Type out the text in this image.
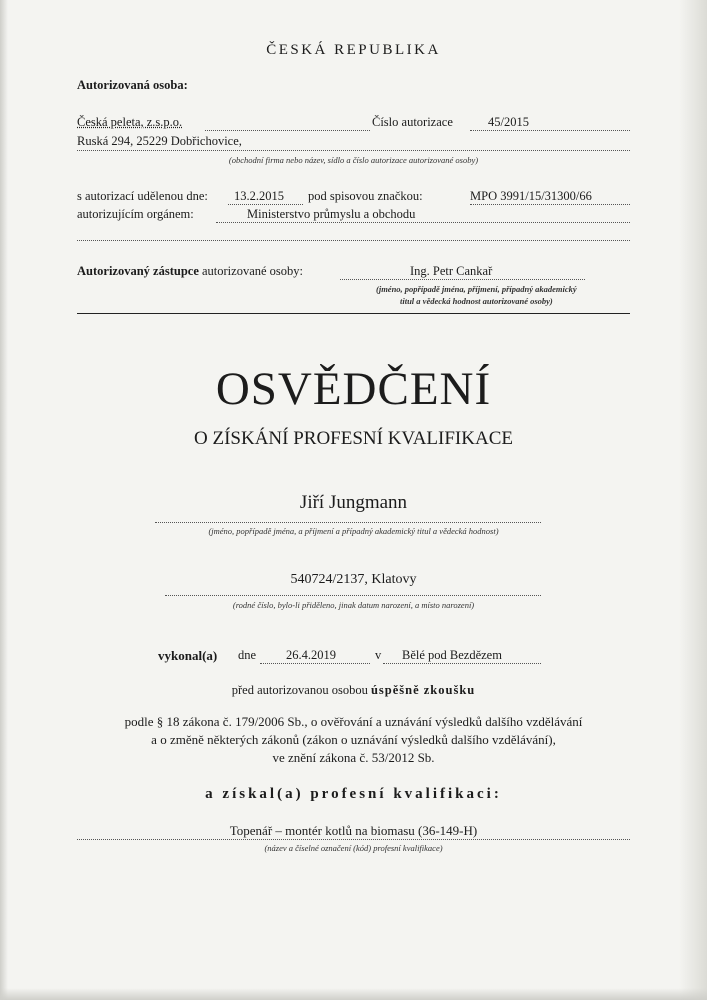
ČESKÁ REPUBLIKA
Autorizovaná osoba:
Česká peleta, z.s.p.o.	Číslo autorizace	45/2015
Ruská 294, 25229 Dobřichovice,
(obchodní firma nebo název, sídlo a číslo autorizace autorizované osoby)
s autorizací udělenou dne: 13.2.2015 pod spisovou značkou:	MPO 3991/15/31300/66
autorizujícím orgánem:	Ministerstvo průmyslu a obchodu
Autorizovaný zástupce autorizované osoby:	Ing. Petr Cankař
(jméno, popřípadě jména, příjmení, případný akademický
titul a vědecká hodnost autorizované osoby)
OSVĚDČENÍ
O ZÍSKÁNÍ PROFESNÍ KVALIFIKACE
Jiří Jungmann
(jméno, popřípadě jména, a příjmení a případný akademický titul a vědecká hodnost)
540724/2137, Klatovy
(rodné číslo, bylo-li přiděleno, jinak datum narození, a místo narození)
vykonal(a) dne 26.4.2019	v Bělé pod Bezdězem
před autorizovanou osobou úspěšně zkoušku
podle § 18 zákona č. 179/2006 Sb., o ověřování a uznávání výsledků dalšího vzdělávání
a o změně některých zákonů (zákon o uznávání výsledků dalšího vzdělávání),
ve znění zákona č. 53/2012 Sb.
a získal(a) profesní kvalifikaci:
Topenář – montér kotlů na biomasu (36-149-H)
(název a číselné označení (kód) profesní kvalifikace)
